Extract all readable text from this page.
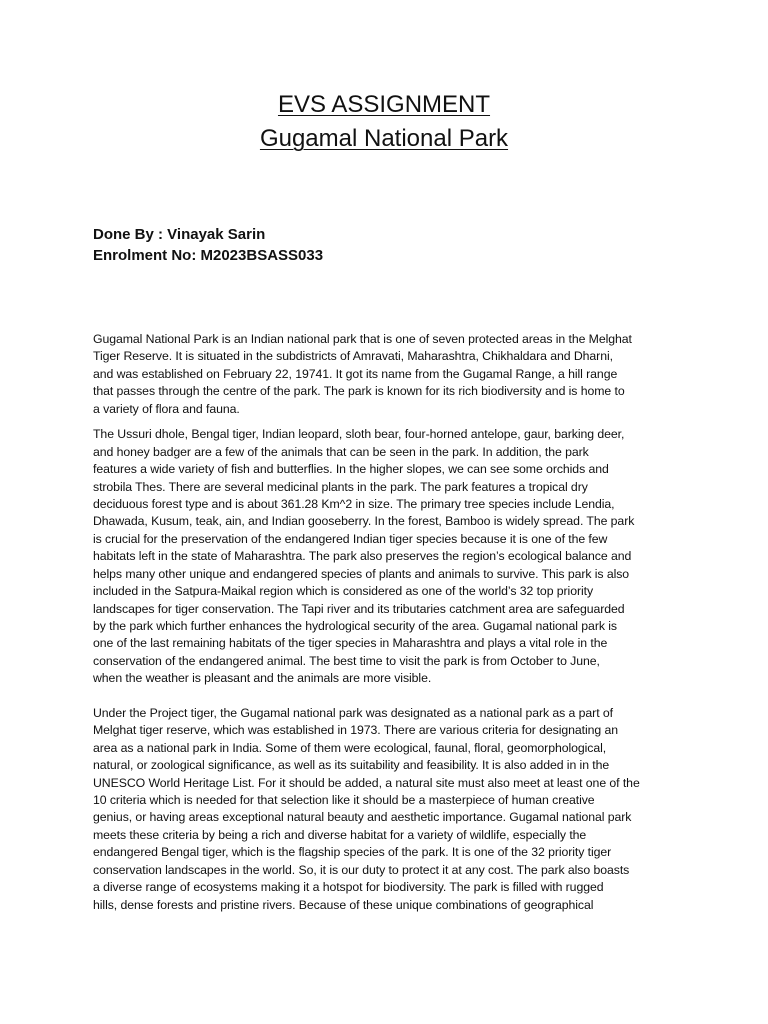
EVS ASSIGNMENT
Gugamal National Park
Done By : Vinayak Sarin
Enrolment No: M2023BSASS033
Gugamal National Park is an Indian national park that is one of seven protected areas in the Melghat
Tiger Reserve. It is situated in the subdistricts of Amravati, Maharashtra, Chikhaldara and Dharni,
and was established on February 22, 19741. It got its name from the Gugamal Range, a hill range
that passes through the centre of the park. The park is known for its rich biodiversity and is home to
a variety of flora and fauna.
The Ussuri dhole, Bengal tiger, Indian leopard, sloth bear, four-horned antelope, gaur, barking deer,
and honey badger are a few of the animals that can be seen in the park. In addition, the park
features a wide variety of fish and butterflies. In the higher slopes, we can see some orchids and
strobila Thes. There are several medicinal plants in the park. The park features a tropical dry
deciduous forest type and is about 361.28 Km^2 in size. The primary tree species include Lendia,
Dhawada, Kusum, teak, ain, and Indian gooseberry. In the forest, Bamboo is widely spread. The park
is crucial for the preservation of the endangered Indian tiger species because it is one of the few
habitats left in the state of Maharashtra. The park also preserves the region’s ecological balance and
helps many other unique and endangered species of plants and animals to survive. This park is also
included in the Satpura-Maikal region which is considered as one of the world’s 32 top priority
landscapes for tiger conservation. The Tapi river and its tributaries catchment area are safeguarded
by the park which further enhances the hydrological security of the area. Gugamal national park is
one of the last remaining habitats of the tiger species in Maharashtra and plays a vital role in the
conservation of the endangered animal. The best time to visit the park is from October to June,
when the weather is pleasant and the animals are more visible.
Under the Project tiger, the Gugamal national park was designated as a national park as a part of
Melghat tiger reserve, which was established in 1973. There are various criteria for designating an
area as a national park in India. Some of them were ecological, faunal, floral, geomorphological,
natural, or zoological significance, as well as its suitability and feasibility. It is also added in in the
UNESCO World Heritage List. For it should be added, a natural site must also meet at least one of the
10 criteria which is needed for that selection like it should be a masterpiece of human creative
genius, or having areas exceptional natural beauty and aesthetic importance. Gugamal national park
meets these criteria by being a rich and diverse habitat for a variety of wildlife, especially the
endangered Bengal tiger, which is the flagship species of the park. It is one of the 32 priority tiger
conservation landscapes in the world. So, it is our duty to protect it at any cost. The park also boasts
a diverse range of ecosystems making it a hotspot for biodiversity. The park is filled with rugged
hills, dense forests and pristine rivers. Because of these unique combinations of geographical
